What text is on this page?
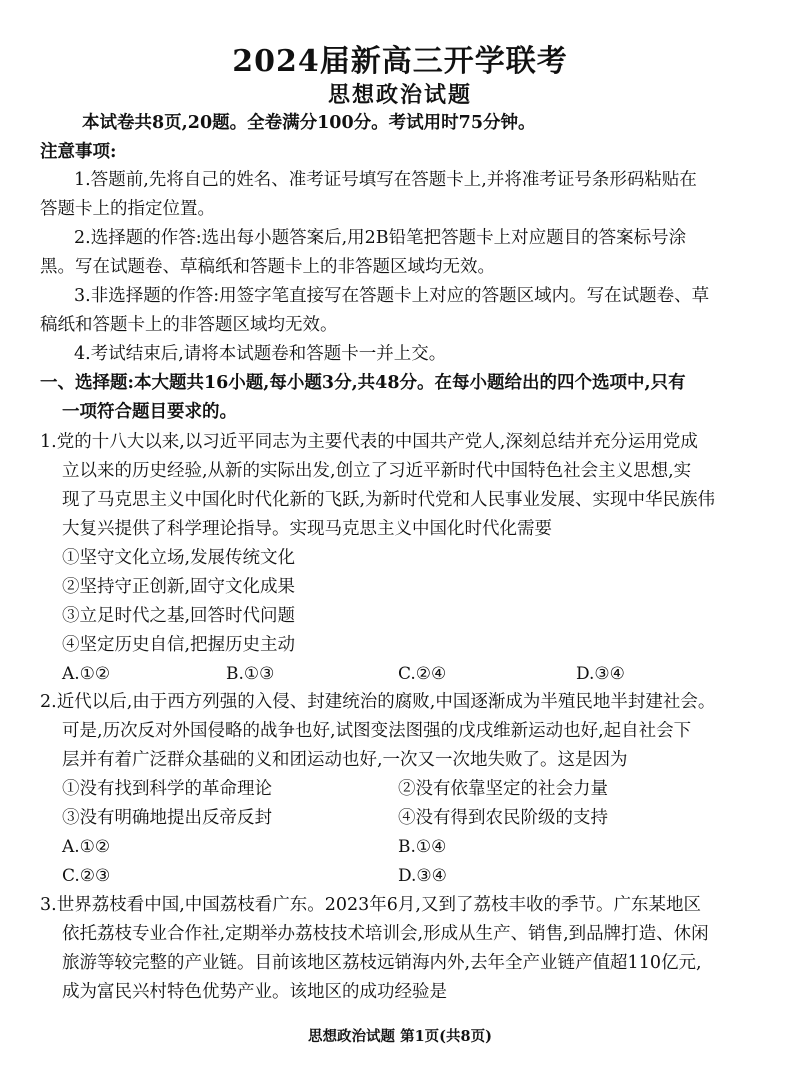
2024届新高三开学联考
思想政治试题
本试卷共8页,20题。全卷满分100分。考试用时75分钟。
注意事项:
1.答题前,先将自己的姓名、准考证号填写在答题卡上,并将准考证号条形码粘贴在
答题卡上的指定位置。
2.选择题的作答:选出每小题答案后,用2B铅笔把答题卡上对应题目的答案标号涂
黑。写在试题卷、草稿纸和答题卡上的非答题区域均无效。
3.非选择题的作答:用签字笔直接写在答题卡上对应的答题区域内。写在试题卷、草
稿纸和答题卡上的非答题区域均无效。
4.考试结束后,请将本试题卷和答题卡一并上交。
一、选择题:本大题共16小题,每小题3分,共48分。在每小题给出的四个选项中,只有
一项符合题目要求的。
1.党的十八大以来,以习近平同志为主要代表的中国共产党人,深刻总结并充分运用党成
立以来的历史经验,从新的实际出发,创立了习近平新时代中国特色社会主义思想,实
现了马克思主义中国化时代化新的飞跃,为新时代党和人民事业发展、实现中华民族伟
大复兴提供了科学理论指导。实现马克思主义中国化时代化需要
①坚守文化立场,发展传统文化
②坚持守正创新,固守文化成果
③立足时代之基,回答时代问题
④坚定历史自信,把握历史主动
A.①②	B.①③	C.②④	D.③④
2.近代以后,由于西方列强的入侵、封建统治的腐败,中国逐渐成为半殖民地半封建社会。
可是,历次反对外国侵略的战争也好,试图变法图强的戊戌维新运动也好,起自社会下
层并有着广泛群众基础的义和团运动也好,一次又一次地失败了。这是因为
①没有找到科学的革命理论	②没有依靠坚定的社会力量
③没有明确地提出反帝反封	④没有得到农民阶级的支持
A.①②	B.①④
C.②③	D.③④
3.世界荔枝看中国,中国荔枝看广东。2023年6月,又到了荔枝丰收的季节。广东某地区
依托荔枝专业合作社,定期举办荔枝技术培训会,形成从生产、销售,到品牌打造、休闲
旅游等较完整的产业链。目前该地区荔枝远销海内外,去年全产业链产值超110亿元,
成为富民兴村特色优势产业。该地区的成功经验是
思想政治试题 第1页(共8页)
